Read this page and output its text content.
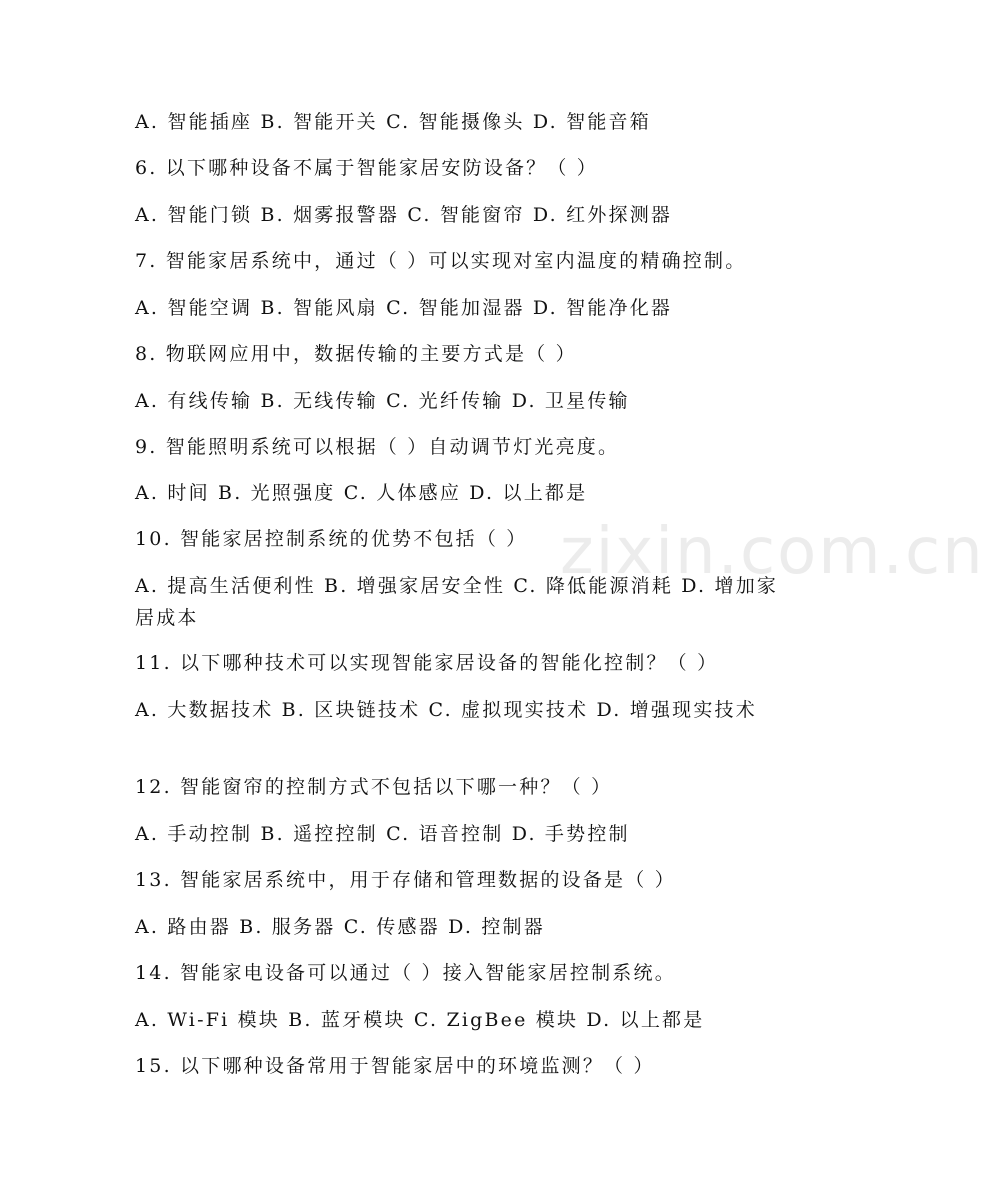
zixin.com.cn
A. 智能插座 B. 智能开关 C. 智能摄像头 D. 智能音箱
6. 以下哪种设备不属于智能家居安防设备？（ ）
A. 智能门锁 B. 烟雾报警器 C. 智能窗帘 D. 红外探测器
7. 智能家居系统中，通过（ ）可以实现对室内温度的精确控制。
A. 智能空调 B. 智能风扇 C. 智能加湿器 D. 智能净化器
8. 物联网应用中，数据传输的主要方式是（ ）
A. 有线传输 B. 无线传输 C. 光纤传输 D. 卫星传输
9. 智能照明系统可以根据（ ）自动调节灯光亮度。
A. 时间 B. 光照强度 C. 人体感应 D. 以上都是
10. 智能家居控制系统的优势不包括（ ）
A. 提高生活便利性 B. 增强家居安全性 C. 降低能源消耗 D. 增加家居成本
11. 以下哪种技术可以实现智能家居设备的智能化控制？（ ）
A. 大数据技术 B. 区块链技术 C. 虚拟现实技术 D. 增强现实技术
12. 智能窗帘的控制方式不包括以下哪一种？（ ）
A. 手动控制 B. 遥控控制 C. 语音控制 D. 手势控制
13. 智能家居系统中，用于存储和管理数据的设备是（ ）
A. 路由器 B. 服务器 C. 传感器 D. 控制器
14. 智能家电设备可以通过（ ）接入智能家居控制系统。
A. Wi-Fi 模块 B. 蓝牙模块 C. ZigBee 模块 D. 以上都是
15. 以下哪种设备常用于智能家居中的环境监测？（ ）
